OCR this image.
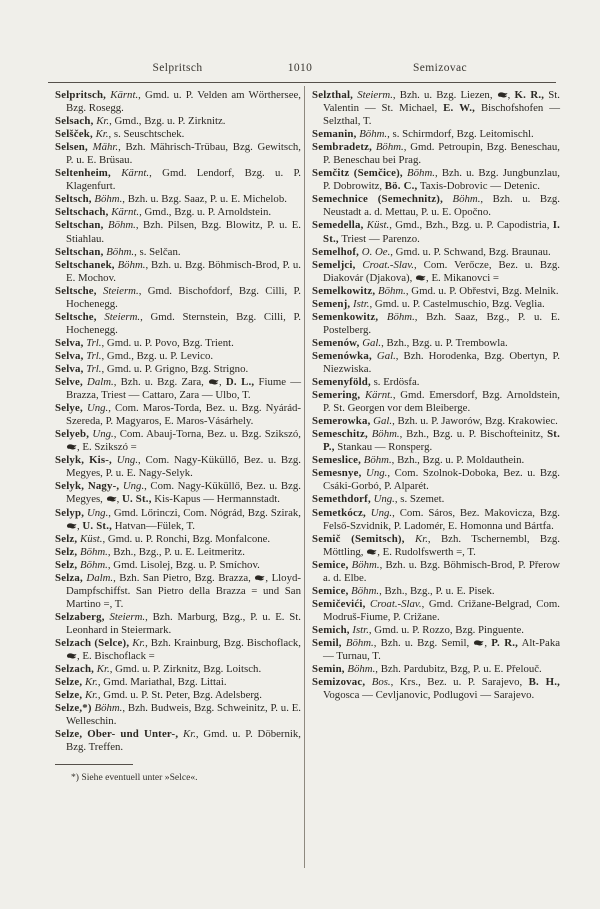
Selpritsch	1010	Semizovac

Selpritsch, Kärnt., Gmd. u. P. Velden am Wörthersee, Bzg. Rosegg.

Selsach, Kr., Gmd., Bzg. u. P. Zirknitz.

Selšček, Kr., s. Seuschtschek.

Selsen, Mähr., Bzh. Mährisch-Trübau, Bzg. Gewitsch, P. u. E. Brüsau.

Seltenheim, Kärnt., Gmd. Lendorf, Bzg. u. P. Klagenfurt.

Seltsch, Böhm., Bzh. u. Bzg. Saaz, P. u. E. Michelob.

Seltschach, Kärnt., Gmd., Bzg. u. P. Arnoldstein.

Seltschan, Böhm., Bzh. Pilsen, Bzg. Blowitz, P. u. E. Stiahlau.

Seltschan, Böhm., s. Selčan.

Seltschanek, Böhm., Bzh. u. Bzg. Böhmisch-Brod, P. u. E. Mochov.

Seltsche, Steierm., Gmd. Bischofdorf, Bzg. Cilli, P. Hochenegg.

Seltsche, Steierm., Gmd. Sternstein, Bzg. Cilli, P. Hochenegg.

Selva, Trl., Gmd. u. P. Povo, Bzg. Trient.

Selva, Trl., Gmd., Bzg. u. P. Levico.

Selva, Trl., Gmd. u. P. Grigno, Bzg. Strigno.

Selve, Dalm., Bzh. u. Bzg. Zara, , D. L., Fiume — Brazza, Triest — Cattaro, Zara — Ulbo, T.

Selye, Ung., Com. Maros-Torda, Bez. u. Bzg. Nyárád-Szereda, P. Magyaros, E. Maros-Vásárhely.

Selyeb, Ung., Com. Abauj-Torna, Bez. u. Bzg. Szikszó, , E. Szikszó =

Selyk, Kis-, Ung., Com. Nagy-Küküllő, Bez. u. Bzg. Megyes, P. u. E. Nagy-Selyk.

Selyk, Nagy-, Ung., Com. Nagy-Küküllő, Bez. u. Bzg. Megyes, , U. St., Kis-Kapus — Hermannstadt.

Selyp, Ung., Gmd. Lőrinczi, Com. Nógrád, Bzg. Szirak, , U. St., Hatvan—Fülek, T.

Selz, Küst., Gmd. u. P. Ronchi, Bzg. Monfalcone.

Selz, Böhm., Bzh., Bzg., P. u. E. Leitmeritz.

Selz, Böhm., Gmd. Lisolej, Bzg. u. P. Smíchov.

Selza, Dalm., Bzh. San Pietro, Bzg. Brazza, , Lloyd-Dampfschiffst. San Pietro della Brazza = und San Martino =, T.

Selzaberg, Steierm., Bzh. Marburg, Bzg., P. u. E. St. Leonhard in Steiermark.

Selzach (Selce), Kr., Bzh. Krainburg, Bzg. Bischoflack, , E. Bischoflack =

Selzach, Kr., Gmd. u. P. Zirknitz, Bzg. Loitsch.

Selze, Kr., Gmd. Mariathal, Bzg. Littai.

Selze, Kr., Gmd. u. P. St. Peter, Bzg. Adelsberg.

Selze,*) Böhm., Bzh. Budweis, Bzg. Schweinitz, P. u. E. Welleschin.

Selze, Ober- und Unter-, Kr., Gmd. u. P. Döbernik, Bzg. Treffen.

*) Siehe eventuell unter »Selce«.

Selzthal, Steierm., Bzh. u. Bzg. Liezen, , K. R., St. Valentin — St. Michael, E. W., Bischofshofen — Selzthal, T.

Semanin, Böhm., s. Schirmdorf, Bzg. Leitomischl.

Sembradetz, Böhm., Gmd. Petroupin, Bzg. Beneschau, P. Beneschau bei Prag.

Semčitz (Semčice), Böhm., Bzh. u. Bzg. Jungbunzlau, P. Dobrowitz, Bö. C., Taxis-Dobrovic — Detenic.

Semechnice (Semechnitz), Böhm., Bzh. u. Bzg. Neustadt a. d. Mettau, P. u. E. Opočno.

Semedella, Küst., Gmd., Bzh., Bzg. u. P. Capodistria, I. St., Triest — Parenzo.

Semelhof, O. Oe., Gmd. u. P. Schwand, Bzg. Braunau.

Semeljci, Croat.-Slav., Com. Verőcze, Bez. u. Bzg. Diakovár (Djakova), , E. Mikanovci =

Semelkowitz, Böhm., Gmd. u. P. Obřestvi, Bzg. Melnik.

Semenj, Istr., Gmd. u. P. Castelmuschio, Bzg. Veglia.

Semenkowitz, Böhm., Bzh. Saaz, Bzg., P. u. E. Postelberg.

Semenów, Gal., Bzh., Bzg. u. P. Trembowla.

Semenówka, Gal., Bzh. Horodenka, Bzg. Obertyn, P. Niezwiska.

Semenyföld, s. Erdösfa.

Semering, Kärnt., Gmd. Emersdorf, Bzg. Arnoldstein, P. St. Georgen vor dem Bleiberge.

Semerowka, Gal., Bzh. u. P. Jaworów, Bzg. Krakowiec.

Semeschitz, Böhm., Bzh., Bzg. u. P. Bischofteinitz, St. P., Stankau — Ronsperg.

Semeslice, Böhm., Bzh., Bzg. u. P. Moldauthein.

Semesnye, Ung., Com. Szolnok-Doboka, Bez. u. Bzg. Csáki-Gorbó, P. Alparét.

Semethdorf, Ung., s. Szemet.

Semetkócz, Ung., Com. Sáros, Bez. Makovicza, Bzg. Felső-Szvidnik, P. Ladomér, E. Homonna und Bártfa.

Semič (Semitsch), Kr., Bzh. Tschernembl, Bzg. Möttling, , E. Rudolfswerth =, T.

Semice, Böhm., Bzh. u. Bzg. Böhmisch-Brod, P. Přerow a. d. Elbe.

Semice, Böhm., Bzh., Bzg., P. u. E. Pisek.

Semičevići, Croat.-Slav., Gmd. Crižane-Belgrad, Com. Modruš-Fiume, P. Crižane.

Semich, Istr., Gmd. u. P. Rozzo, Bzg. Pinguente.

Semil, Böhm., Bzh. u. Bzg. Semil, , P. R., Alt-Paka — Turnau, T.

Semin, Böhm., Bzh. Pardubitz, Bzg, P. u. E. Přelouč.

Semizovac, Bos., Krs., Bez. u. P. Sarajevo, B. H., Vogosca — Cevljanovic, Podlugovi — Sarajevo.
